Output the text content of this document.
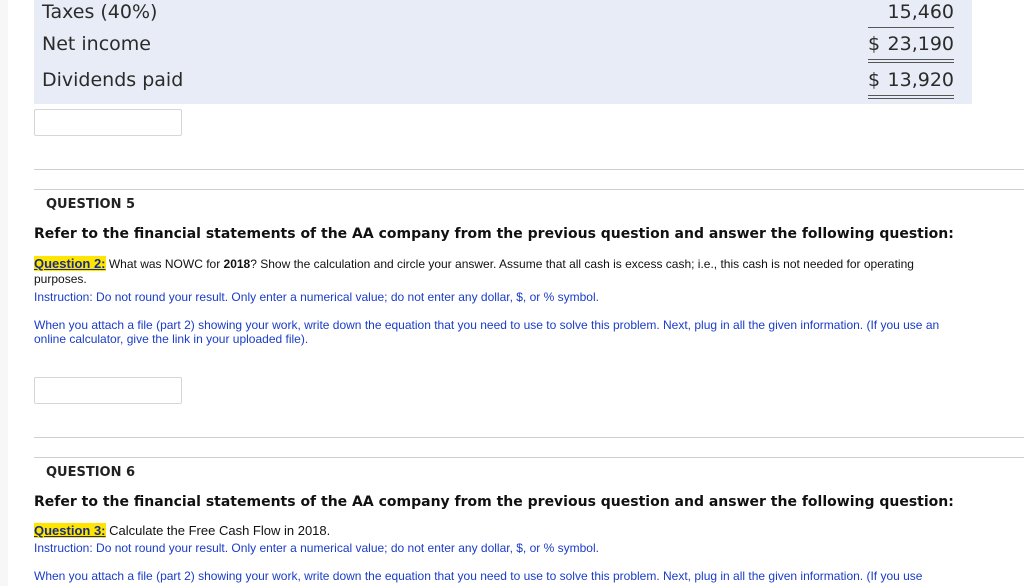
Taxes (40%)	15,460
Net income	$ 23,190
Dividends paid	$ 13,920
QUESTION 5
Refer to the financial statements of the AA company from the previous question and answer the following question:
Question 2: What was NOWC for 2018? Show the calculation and circle your answer. Assume that all cash is excess cash; i.e., this cash is not needed for operating purposes.
Instruction: Do not round your result. Only enter a numerical value; do not enter any dollar, $, or % symbol.
When you attach a file (part 2) showing your work, write down the equation that you need to use to solve this problem. Next, plug in all the given information. (If you use an online calculator, give the link in your uploaded file).
QUESTION 6
Refer to the financial statements of the AA company from the previous question and answer the following question:
Question 3: Calculate the Free Cash Flow in 2018.
Instruction: Do not round your result. Only enter a numerical value; do not enter any dollar, $, or % symbol.
When you attach a file (part 2) showing your work, write down the equation that you need to use to solve this problem. Next, plug in all the given information. (If you use
